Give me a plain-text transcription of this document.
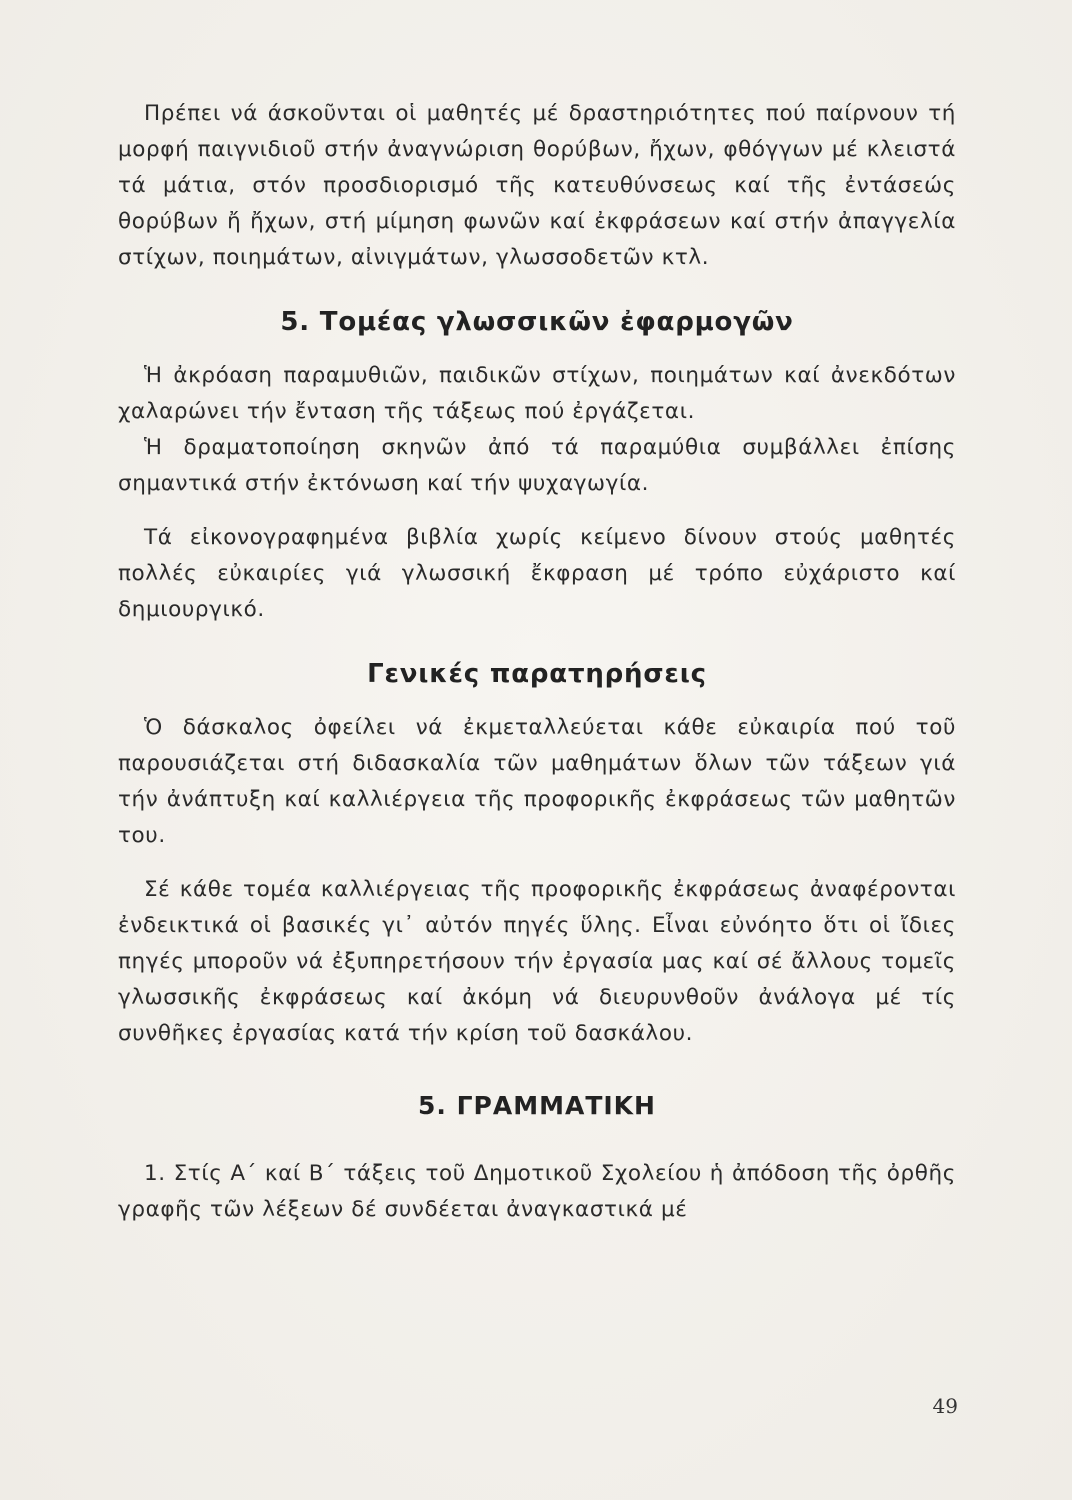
Πρέπει νά άσκοῦνται οἱ μαθητές μέ δραστηριότητες πού παίρνουν τή μορφή παιγνιδιοῦ στήν ἀναγνώριση θορύβων, ἤχων, φθόγγων μέ κλειστά τά μάτια, στόν προσδιορισμό τῆς κατευθύνσεως καί τῆς ἐντάσεώς θορύβων ἤ ἤχων, στή μίμηση φωνῶν καί ἐκφράσεων καί στήν ἀπαγγελία στίχων, ποιημάτων, αἰνιγμάτων, γλωσσοδετῶν κτλ.

5. Τομέας γλωσσικῶν ἐφαρμογῶν

Ἡ ἀκρόαση παραμυθιῶν, παιδικῶν στίχων, ποιημάτων καί ἀνεκδότων χαλαρώνει τήν ἔνταση τῆς τάξεως πού ἐργάζεται.

Ἡ δραματοποίηση σκηνῶν ἀπό τά παραμύθια συμβάλλει ἐπίσης σημαντικά στήν ἐκτόνωση καί τήν ψυχαγωγία.

Τά εἰκονογραφημένα βιβλία χωρίς κείμενο δίνουν στούς μαθητές πολλές εὐκαιρίες γιά γλωσσική ἔκφραση μέ τρόπο εὐχάριστο καί δημιουργικό.

Γενικές παρατηρήσεις

Ὁ δάσκαλος ὀφείλει νά ἐκμεταλλεύεται κάθε εὐκαιρία πού τοῦ παρουσιάζεται στή διδασκαλία τῶν μαθημάτων ὅλων τῶν τάξεων γιά τήν ἀνάπτυξη καί καλλιέργεια τῆς προφορικῆς ἐκφράσεως τῶν μαθητῶν του.

Σέ κάθε τομέα καλλιέργειας τῆς προφορικῆς ἐκφράσεως ἀναφέρονται ἐνδεικτικά οἱ βασικές γι᾿ αὐτόν πηγές ὕλης. Εἶναι εὐνόητο ὅτι οἱ ἴδιες πηγές μποροῦν νά ἐξυπηρετήσουν τήν ἐργασία μας καί σέ ἄλλους τομεῖς γλωσσικῆς ἐκφράσεως καί ἀκόμη νά διευρυνθοῦν ἀνάλογα μέ τίς συνθῆκες ἐργασίας κατά τήν κρίση τοῦ δασκάλου.

5. ΓΡΑΜΜΑΤΙΚΗ

1. Στίς Α΄ καί Β΄ τάξεις τοῦ Δημοτικοῦ Σχολείου ἡ ἀπόδοση τῆς ὀρθῆς γραφῆς τῶν λέξεων δέ συνδέεται ἀναγκαστικά μέ

49
